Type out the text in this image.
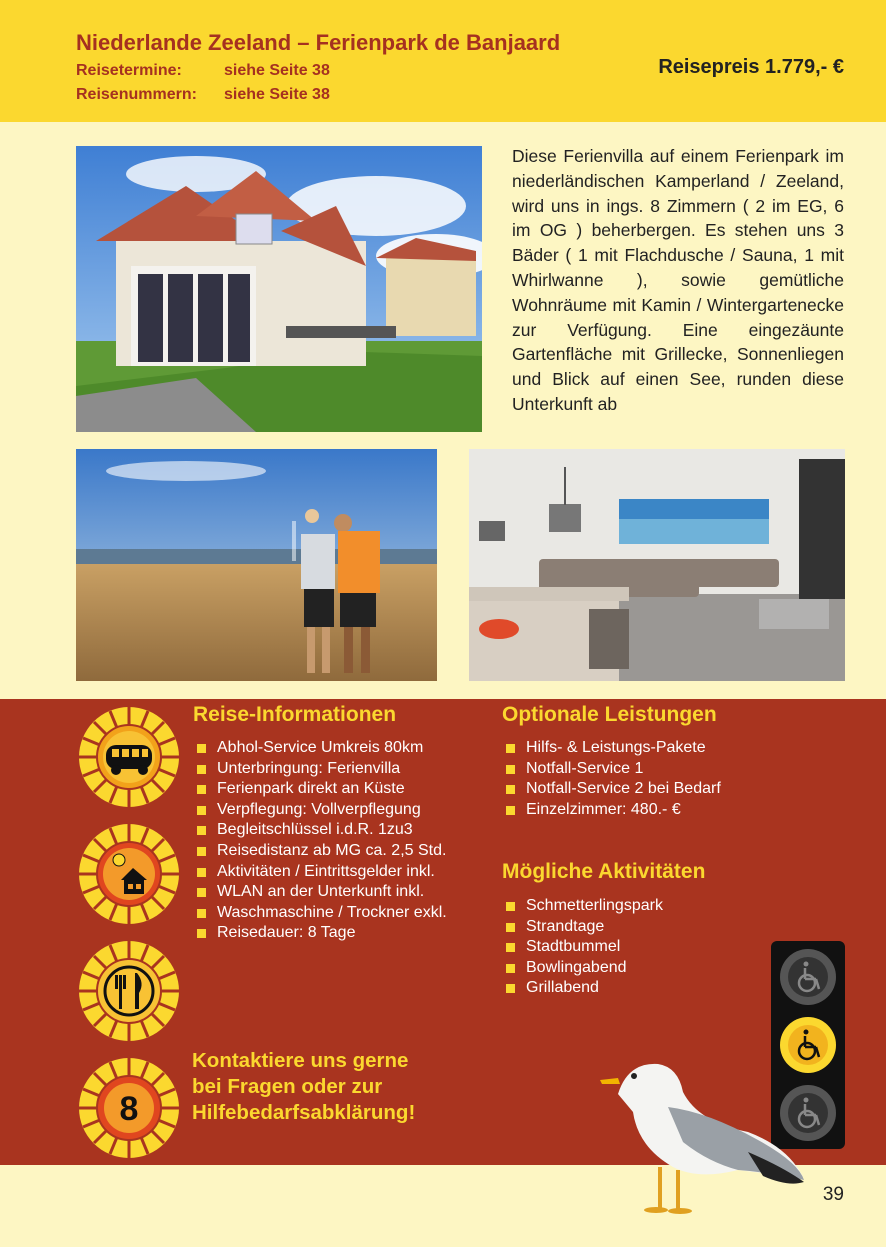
Niederlande Zeeland – Ferienpark de Banjaard
Reisetermine:	siehe Seite 38
Reisenummern: siehe Seite 38
Reisepreis 1.779,- €
Diese Ferienvilla auf einem Ferienpark im niederländischen Kamperland / Zeeland, wird uns in ings. 8 Zimmern ( 2 im EG, 6 im OG ) beherbergen. Es stehen uns 3 Bäder ( 1 mit Flachdusche / Sauna, 1 mit Whirlwanne ), sowie gemütliche Wohnräume mit Kamin / Wintergartenecke zur Verfügung. Eine eingezäunte Gartenfläche mit Grillecke, Sonnenliegen und Blick auf einen See, runden diese Unterkunft ab
8
Reise-Informationen
Abhol-Service Umkreis 80km
Unterbringung: Ferienvilla
Ferienpark direkt an Küste
Verpflegung: Vollverpflegung
Begleitschlüssel i.d.R. 1zu3
Reisedistanz ab MG ca. 2,5 Std.
Aktivitäten / Eintrittsgelder inkl.
WLAN an der Unterkunft inkl.
Waschmaschine / Trockner exkl.
Reisedauer: 8 Tage
Optionale Leistungen
Hilfs- & Leistungs-Pakete
Notfall-Service 1
Notfall-Service 2 bei Bedarf
Einzelzimmer: 480.- €
Mögliche Aktivitäten
Schmetterlingspark
Strandtage
Stadtbummel
Bowlingabend
Grillabend
Kontaktiere uns gerne
bei Fragen oder zur
Hilfebedarfsabklärung!
39
